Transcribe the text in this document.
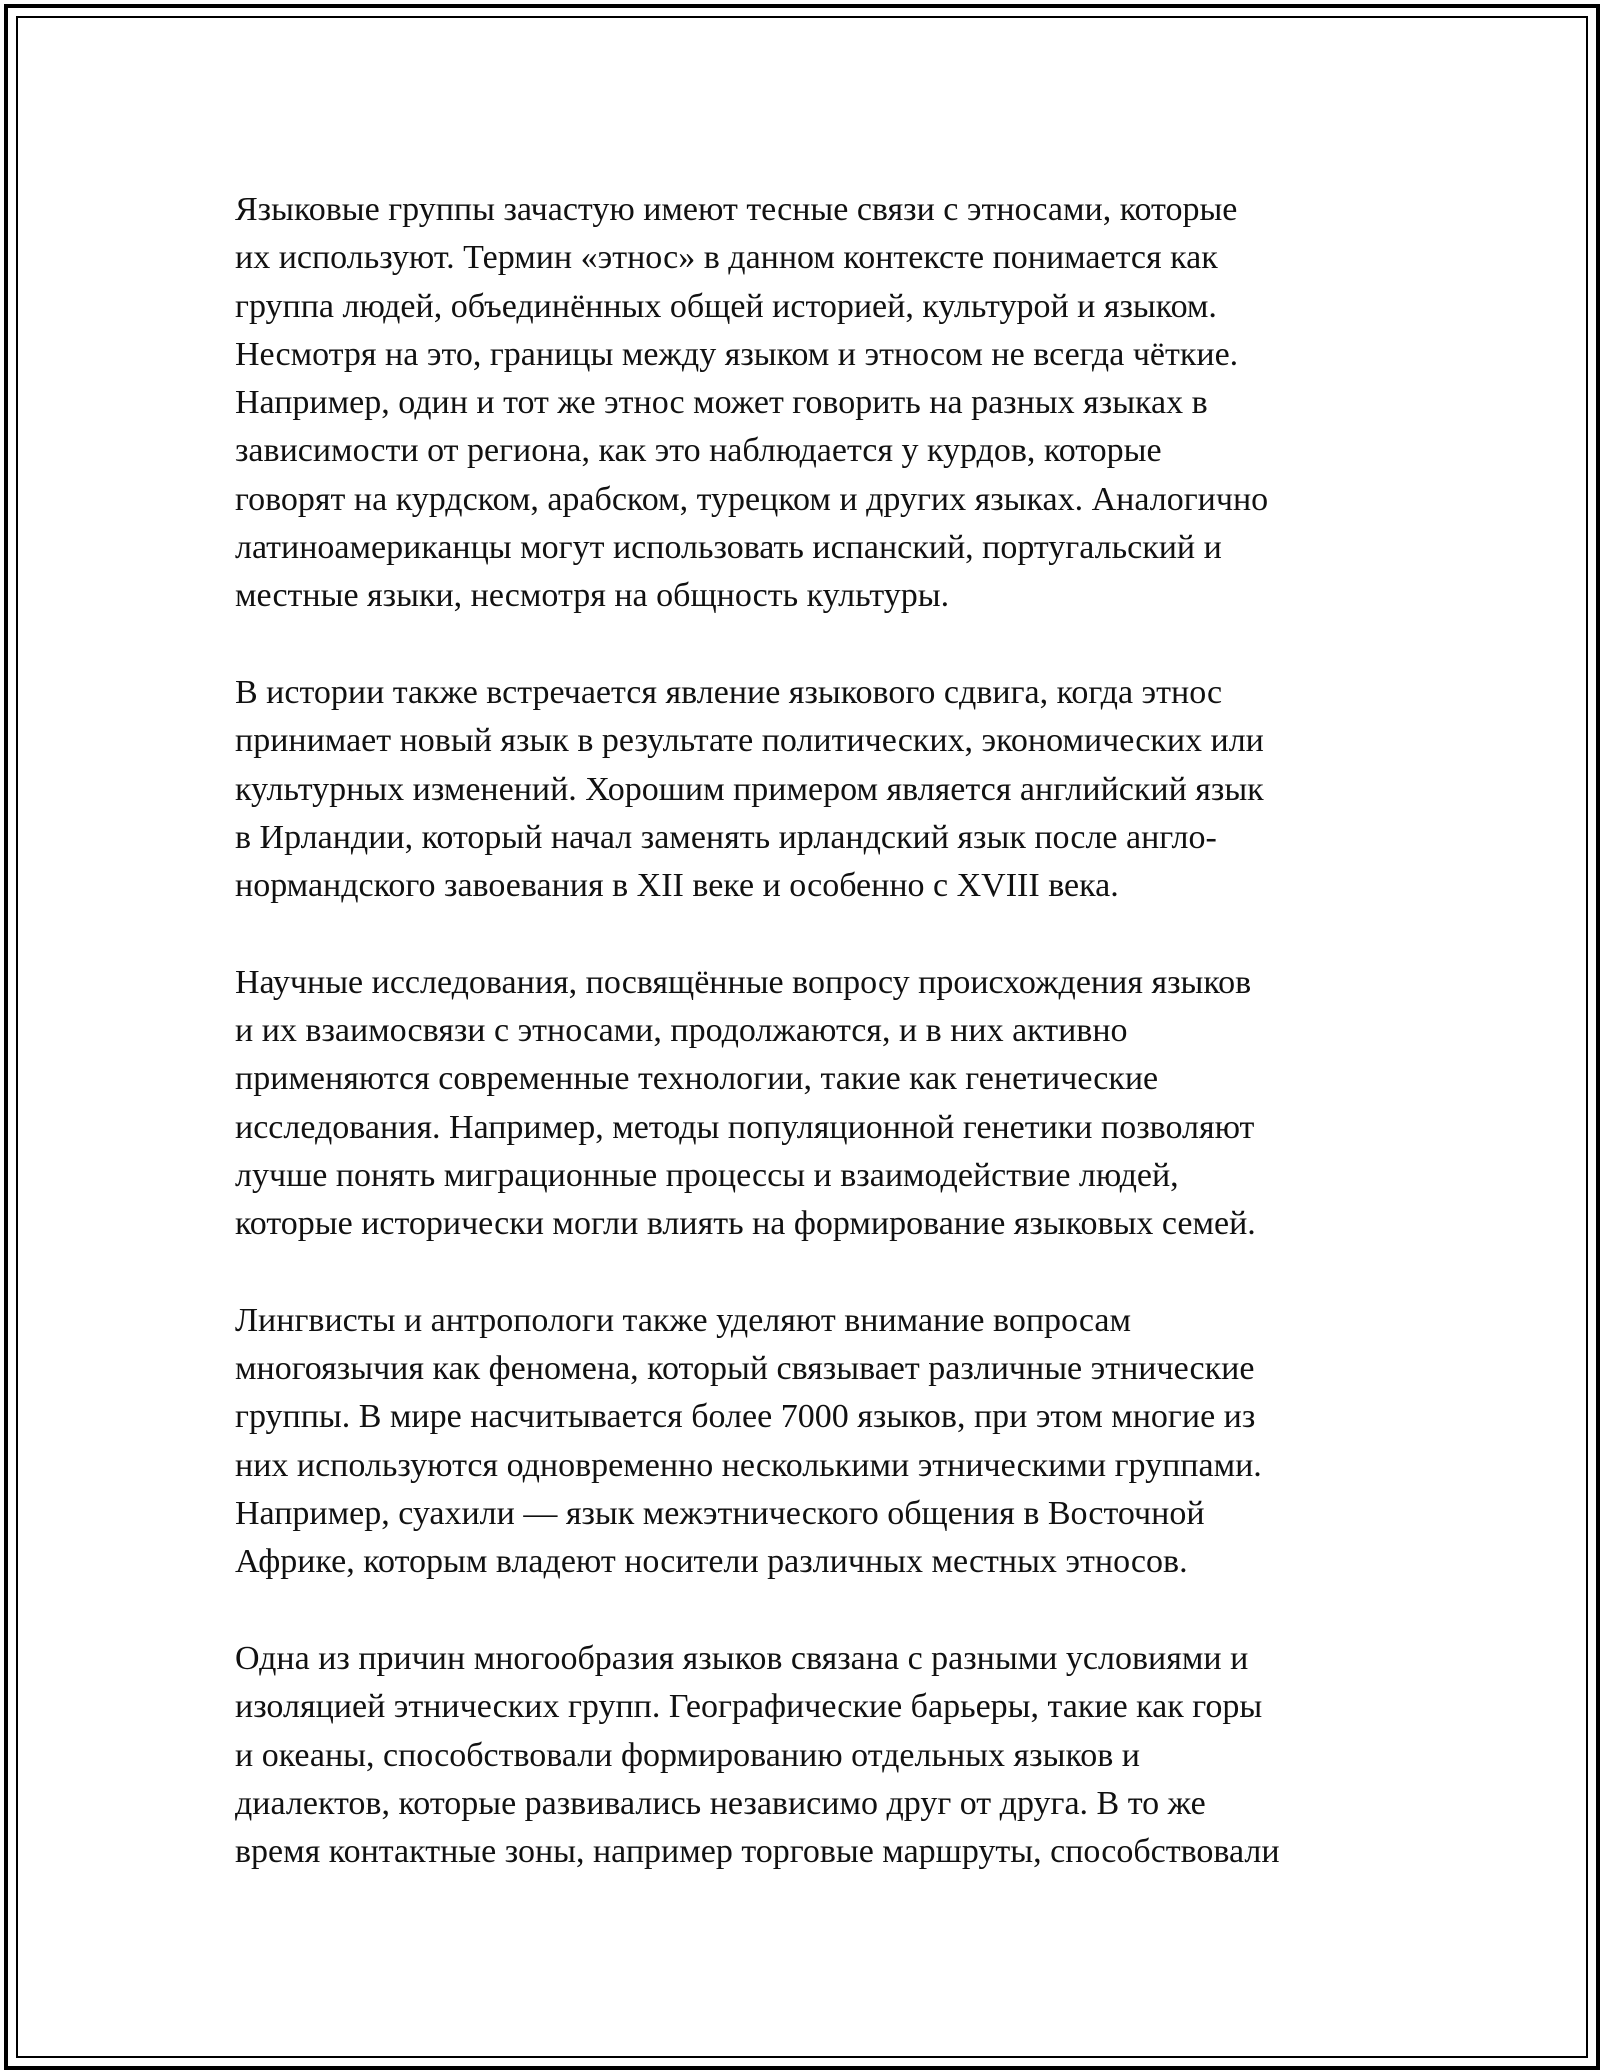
Языковые группы зачастую имеют тесные связи с этносами, которые
их используют. Термин «этнос» в данном контексте понимается как
группа людей, объединённых общей историей, культурой и языком.
Несмотря на это, границы между языком и этносом не всегда чёткие.
Например, один и тот же этнос может говорить на разных языках в
зависимости от региона, как это наблюдается у курдов, которые
говорят на курдском, арабском, турецком и других языках. Аналогично
латиноамериканцы могут использовать испанский, португальский и
местные языки, несмотря на общность культуры.

В истории также встречается явление языкового сдвига, когда этнос
принимает новый язык в результате политических, экономических или
культурных изменений. Хорошим примером является английский язык
в Ирландии, который начал заменять ирландский язык после англо-
нормандского завоевания в XII веке и особенно с XVIII века.

Научные исследования, посвящённые вопросу происхождения языков
и их взаимосвязи с этносами, продолжаются, и в них активно
применяются современные технологии, такие как генетические
исследования. Например, методы популяционной генетики позволяют
лучше понять миграционные процессы и взаимодействие людей,
которые исторически могли влиять на формирование языковых семей.

Лингвисты и антропологи также уделяют внимание вопросам
многоязычия как феномена, который связывает различные этнические
группы. В мире насчитывается более 7000 языков, при этом многие из
них используются одновременно несколькими этническими группами.
Например, суахили — язык межэтнического общения в Восточной
Африке, которым владеют носители различных местных этносов.

Одна из причин многообразия языков связана с разными условиями и
изоляцией этнических групп. Географические барьеры, такие как горы
и океаны, способствовали формированию отдельных языков и
диалектов, которые развивались независимо друг от друга. В то же
время контактные зоны, например торговые маршруты, способствовали
